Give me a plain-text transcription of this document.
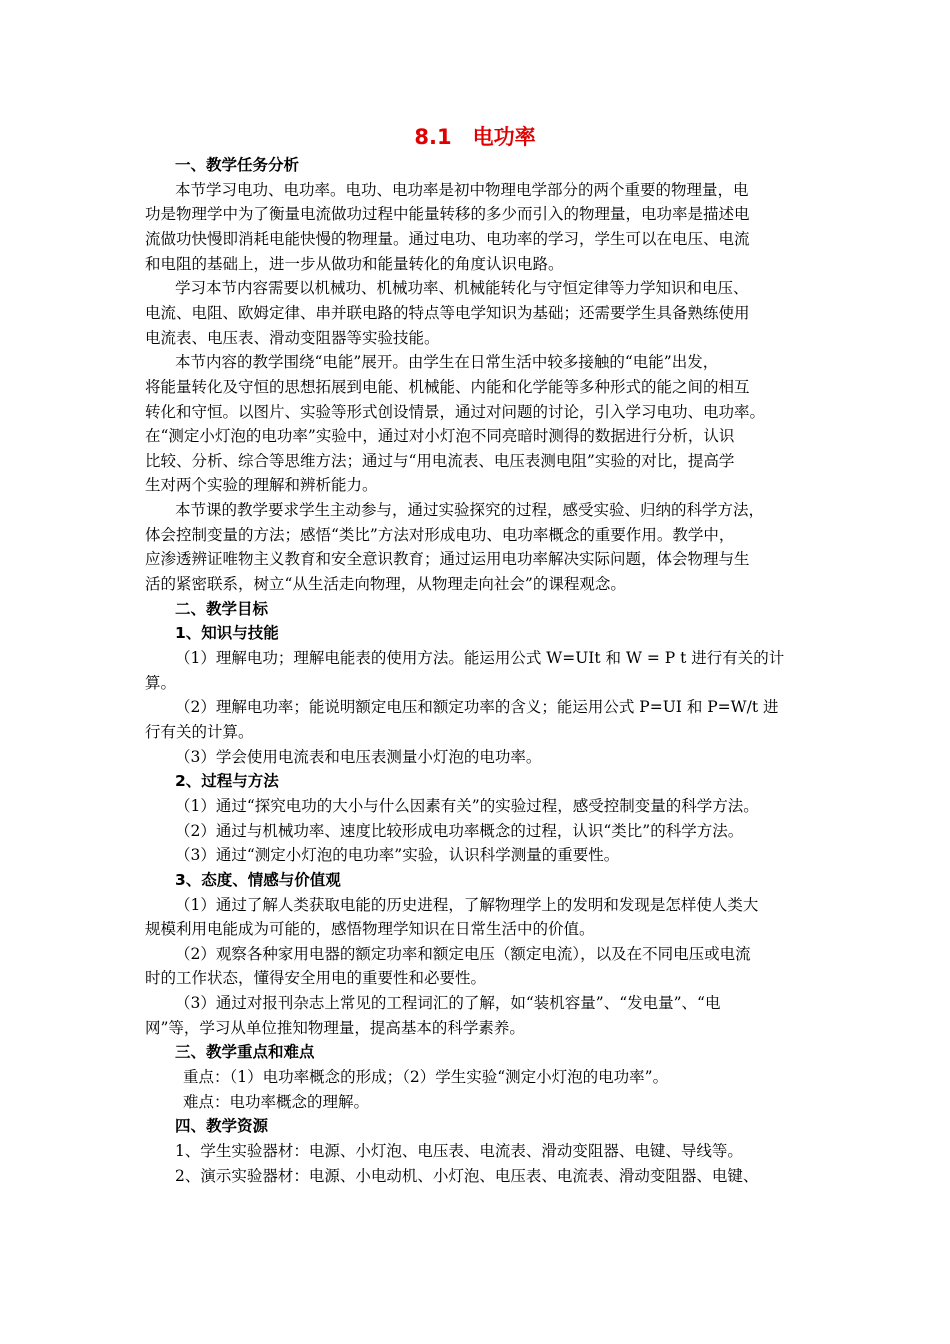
8.1　电功率
一、教学任务分析
本节学习电功、电功率。电功、电功率是初中物理电学部分的两个重要的物理量，电
功是物理学中为了衡量电流做功过程中能量转移的多少而引入的物理量，电功率是描述电
流做功快慢即消耗电能快慢的物理量。通过电功、电功率的学习，学生可以在电压、电流
和电阻的基础上，进一步从做功和能量转化的角度认识电路。
学习本节内容需要以机械功、机械功率、机械能转化与守恒定律等力学知识和电压、
电流、电阻、欧姆定律、串并联电路的特点等电学知识为基础；还需要学生具备熟练使用
电流表、电压表、滑动变阻器等实验技能。
本节内容的教学围绕“电能”展开。由学生在日常生活中较多接触的“电能”出发，
将能量转化及守恒的思想拓展到电能、机械能、内能和化学能等多种形式的能之间的相互
转化和守恒。以图片、实验等形式创设情景，通过对问题的讨论，引入学习电功、电功率。
在“测定小灯泡的电功率”实验中，通过对小灯泡不同亮暗时测得的数据进行分析，认识
比较、分析、综合等思维方法；通过与“用电流表、电压表测电阻”实验的对比，提高学
生对两个实验的理解和辨析能力。
本节课的教学要求学生主动参与，通过实验探究的过程，感受实验、归纳的科学方法，
体会控制变量的方法；感悟“类比”方法对形成电功、电功率概念的重要作用。教学中，
应渗透辨证唯物主义教育和安全意识教育；通过运用电功率解决实际问题，体会物理与生
活的紧密联系，树立“从生活走向物理，从物理走向社会”的课程观念。
二、教学目标
1、知识与技能
（1）理解电功；理解电能表的使用方法。能运用公式 W=UIt 和 W = P t 进行有关的计
算。
（2）理解电功率；能说明额定电压和额定功率的含义；能运用公式 P=UI 和 P=W/t 进
行有关的计算。
（3）学会使用电流表和电压表测量小灯泡的电功率。
2、过程与方法
（1）通过“探究电功的大小与什么因素有关”的实验过程，感受控制变量的科学方法。
（2）通过与机械功率、速度比较形成电功率概念的过程，认识“类比”的科学方法。
（3）通过“测定小灯泡的电功率”实验，认识科学测量的重要性。
3、态度、情感与价值观
（1）通过了解人类获取电能的历史进程，了解物理学上的发明和发现是怎样使人类大
规模利用电能成为可能的，感悟物理学知识在日常生活中的价值。
（2）观察各种家用电器的额定功率和额定电压（额定电流），以及在不同电压或电流
时的工作状态，懂得安全用电的重要性和必要性。
（3）通过对报刊杂志上常见的工程词汇的了解，如“装机容量”、“发电量”、“电
网”等，学习从单位推知物理量，提高基本的科学素养。
三、教学重点和难点
重点：（1）电功率概念的形成；（2）学生实验“测定小灯泡的电功率”。
难点：电功率概念的理解。
四、教学资源
1、学生实验器材：电源、小灯泡、电压表、电流表、滑动变阻器、电键、导线等。
2、演示实验器材：电源、小电动机、小灯泡、电压表、电流表、滑动变阻器、电键、
